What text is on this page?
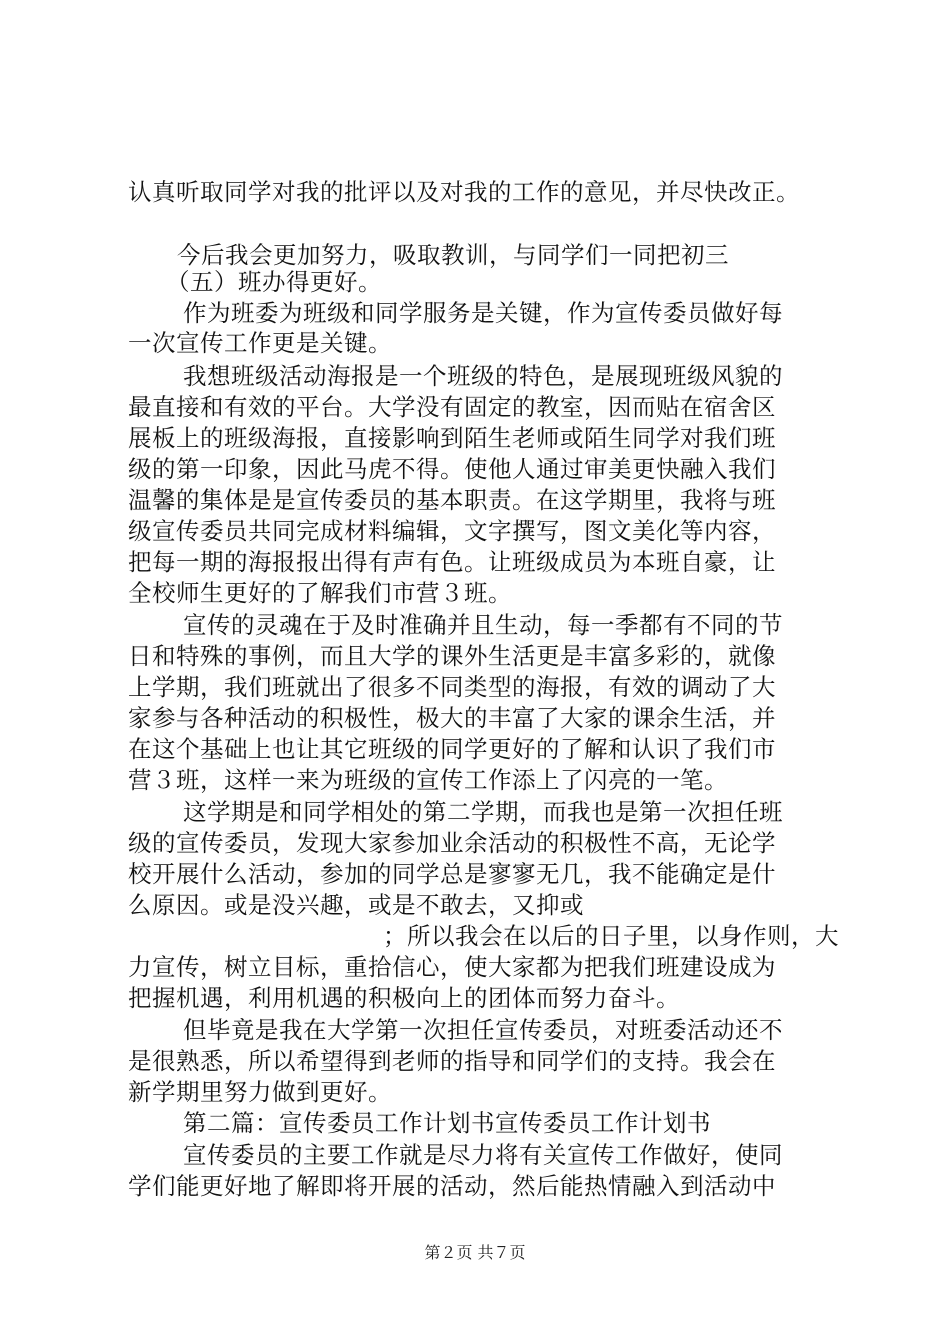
认真听取同学对我的批评以及对我的工作的意见，并尽快改正。
今后我会更加努力，吸取教训，与同学们一同把初三
（五）班办得更好。
作为班委为班级和同学服务是关键，作为宣传委员做好每
一次宣传工作更是关键。
我想班级活动海报是一个班级的特色，是展现班级风貌的
最直接和有效的平台。大学没有固定的教室，因而贴在宿舍区
展板上的班级海报，直接影响到陌生老师或陌生同学对我们班
级的第一印象，因此马虎不得。使他人通过审美更快融入我们
温馨的集体是是宣传委员的基本职责。在这学期里，我将与班
级宣传委员共同完成材料编辑，文字撰写，图文美化等内容，
把每一期的海报报出得有声有色。让班级成员为本班自豪，让
全校师生更好的了解我们市营３班。
宣传的灵魂在于及时准确并且生动，每一季都有不同的节
日和特殊的事例，而且大学的课外生活更是丰富多彩的，就像
上学期，我们班就出了很多不同类型的海报，有效的调动了大
家参与各种活动的积极性，极大的丰富了大家的课余生活，并
在这个基础上也让其它班级的同学更好的了解和认识了我们市
营３班，这样一来为班级的宣传工作添上了闪亮的一笔。
这学期是和同学相处的第二学期，而我也是第一次担任班
级的宣传委员，发现大家参加业余活动的积极性不高，无论学
校开展什么活动，参加的同学总是寥寥无几，我不能确定是什
么原因。或是没兴趣，或是不敢去，又抑或
；所以我会在以后的日子里，以身作则，大
力宣传，树立目标，重拾信心，使大家都为把我们班建设成为
把握机遇，利用机遇的积极向上的团体而努力奋斗。
但毕竟是我在大学第一次担任宣传委员，对班委活动还不
是很熟悉，所以希望得到老师的指导和同学们的支持。我会在
新学期里努力做到更好。
第二篇：宣传委员工作计划书宣传委员工作计划书
宣传委员的主要工作就是尽力将有关宣传工作做好，使同
学们能更好地了解即将开展的活动，然后能热情融入到活动中
第２页 共７页
